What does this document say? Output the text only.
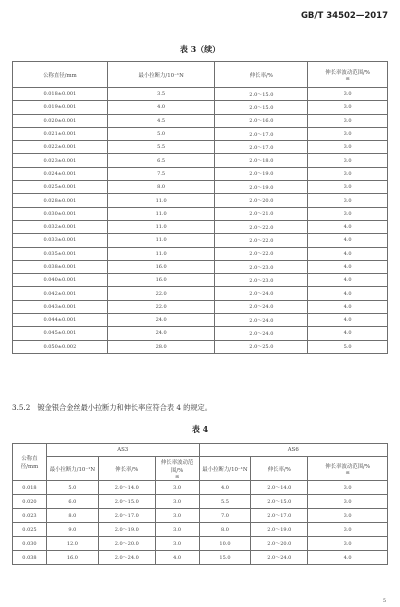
GB/T 34502—2017
表 3（续）
公称直径/mm	最小拉断力/10⁻¹N	伸长率/%	伸长率波动范围/%
≤
0.018±0.001	3.5	2.0～15.0	3.0
0.019±0.001	4.0	2.0～15.0	3.0
0.020±0.001	4.5	2.0～16.0	3.0
0.021±0.001	5.0	2.0～17.0	3.0
0.022±0.001	5.5	2.0～17.0	3.0
0.023±0.001	6.5	2.0～18.0	3.0
0.024±0.001	7.5	2.0～19.0	3.0
0.025±0.001	8.0	2.0～19.0	3.0
0.028±0.001	11.0	2.0～20.0	3.0
0.030±0.001	11.0	2.0～21.0	3.0
0.032±0.001	11.0	2.0～22.0	4.0
0.033±0.001	11.0	2.0～22.0	4.0
0.035±0.001	11.0	2.0～22.0	4.0
0.038±0.001	16.0	2.0～23.0	4.0
0.040±0.001	16.0	2.0～23.0	4.0
0.042±0.001	22.0	2.0～24.0	4.0
0.043±0.001	22.0	2.0～24.0	4.0
0.044±0.001	24.0	2.0～24.0	4.0
0.045±0.001	24.0	2.0～24.0	4.0
0.050±0.002	28.0	2.0～25.0	5.0
3.5.2　镀金银合金丝最小拉断力和伸长率应符合表 4 的规定。
表 4
公称直径/mm	AS3			AS6		
	最小拉断力/10⁻¹N	伸长率/%	伸长率波动范围/%
≤	最小拉断力/10⁻¹N	伸长率/%	伸长率波动范围/%
≤
0.018	5.0	2.0～14.0	3.0	4.0	2.0～14.0	3.0
0.020	6.0	2.0～15.0	3.0	5.5	2.0～15.0	3.0
0.023	8.0	2.0～17.0	3.0	7.0	2.0～17.0	3.0
0.025	9.0	2.0～19.0	3.0	8.0	2.0～19.0	3.0
0.030	12.0	2.0～20.0	3.0	10.0	2.0～20.0	3.0
0.038	16.0	2.0～24.0	4.0	15.0	2.0～24.0	4.0
5
